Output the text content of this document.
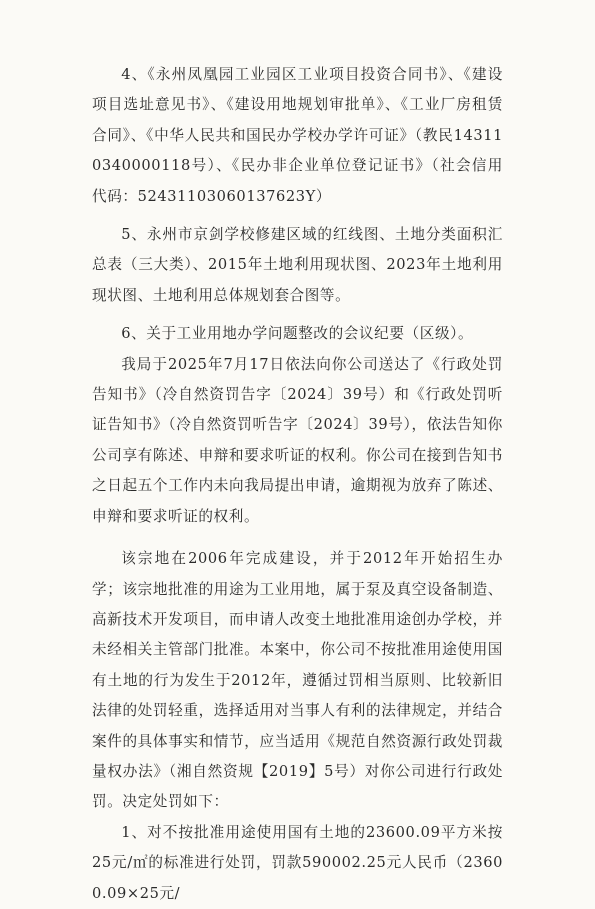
4、《永州凤凰园工业园区工业项目投资合同书》、《建设项目选址意见书》、《建设用地规划审批单》、《工业厂房租赁合同》、《中华人民共和国民办学校办学许可证》（教民143110340000118号）、《民办非企业单位登记证书》（社会信用代码：52431103060137623Y）

5、永州市京剑学校修建区域的红线图、土地分类面积汇总表（三大类）、2015年土地利用现状图、2023年土地利用现状图、土地利用总体规划套合图等。

6、关于工业用地办学问题整改的会议纪要（区级）。

我局于2025年7月17日依法向你公司送达了《行政处罚告知书》（冷自然资罚告字〔2024〕39号）和《行政处罚听证告知书》（冷自然资罚听告字〔2024〕39号），依法告知你公司享有陈述、申辩和要求听证的权利。你公司在接到告知书之日起五个工作内未向我局提出申请，逾期视为放弃了陈述、申辩和要求听证的权利。

该宗地在2006年完成建设，并于2012年开始招生办学；该宗地批准的用途为工业用地，属于泵及真空设备制造、高新技术开发项目，而申请人改变土地批准用途创办学校，并未经相关主管部门批准。本案中，你公司不按批准用途使用国有土地的行为发生于2012年，遵循过罚相当原则、比较新旧法律的处罚轻重，选择适用对当事人有利的法律规定，并结合案件的具体事实和情节，应当适用《规范自然资源行政处罚裁量权办法》（湘自然资规【2019】5号）对你公司进行行政处罚。决定处罚如下：

1、对不按批准用途使用国有土地的23600.09平方米按25元/㎡的标准进行处罚，罚款590002.25元人民币（23600.09×25元/
